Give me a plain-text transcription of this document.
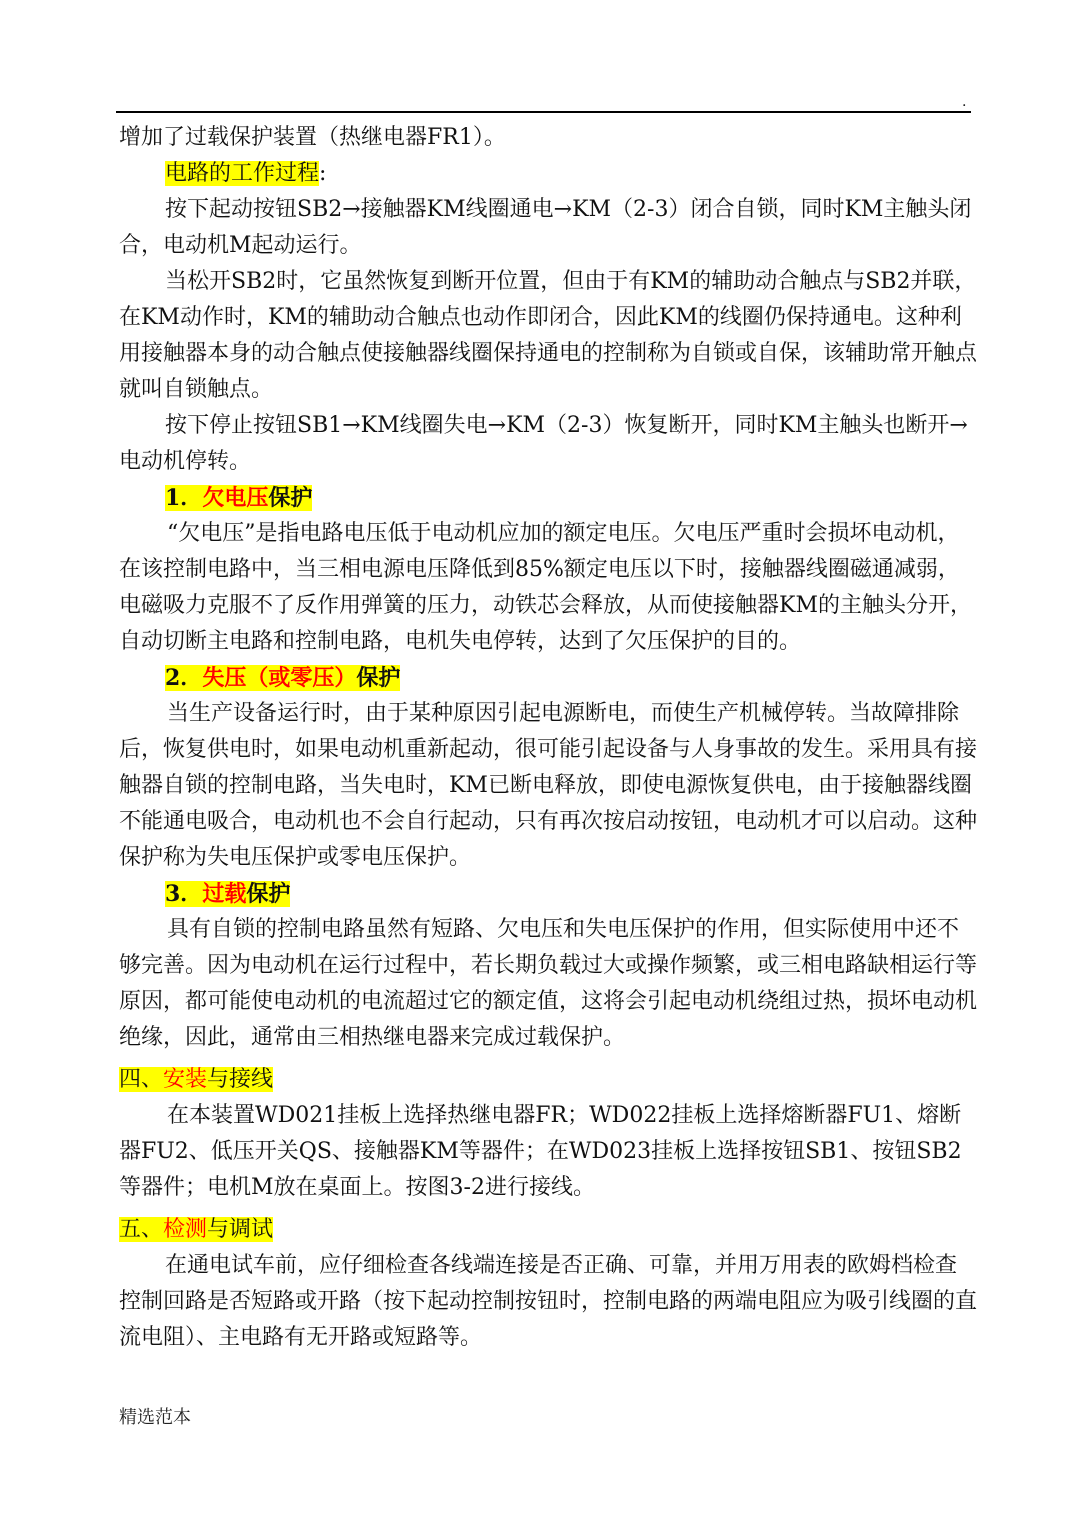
.

增加了过载保护装置（热继电器FR1）。

电路的工作过程:

按下起动按钮SB2→接触器KM线圈通电→KM（2-3）闭合自锁，同时KM主触头闭合，电动机M起动运行。

当松开SB2时，它虽然恢复到断开位置，但由于有KM的辅助动合触点与SB2并联，在KM动作时，KM的辅助动合触点也动作即闭合，因此KM的线圈仍保持通电。这种利用接触器本身的动合触点使接触器线圈保持通电的控制称为自锁或自保，该辅助常开触点就叫自锁触点。

按下停止按钮SB1→KM线圈失电→KM（2-3）恢复断开，同时KM主触头也断开→电动机停转。

1．欠电压保护

“欠电压”是指电路电压低于电动机应加的额定电压。欠电压严重时会损坏电动机，在该控制电路中，当三相电源电压降低到85%额定电压以下时，接触器线圈磁通减弱，电磁吸力克服不了反作用弹簧的压力，动铁芯会释放，从而使接触器KM的主触头分开，自动切断主电路和控制电路，电机失电停转，达到了欠压保护的目的。

2．失压（或零压）保护

当生产设备运行时，由于某种原因引起电源断电，而使生产机械停转。当故障排除后，恢复供电时，如果电动机重新起动，很可能引起设备与人身事故的发生。采用具有接触器自锁的控制电路，当失电时，KM已断电释放，即使电源恢复供电，由于接触器线圈不能通电吸合，电动机也不会自行起动，只有再次按启动按钮，电动机才可以启动。这种保护称为失电压保护或零电压保护。

3．过载保护

具有自锁的控制电路虽然有短路、欠电压和失电压保护的作用，但实际使用中还不够完善。因为电动机在运行过程中，若长期负载过大或操作频繁，或三相电路缺相运行等原因，都可能使电动机的电流超过它的额定值，这将会引起电动机绕组过热，损坏电动机绝缘，因此，通常由三相热继电器来完成过载保护。

四、安装与接线

在本装置WD021挂板上选择热继电器FR；WD022挂板上选择熔断器FU1、熔断器FU2、低压开关QS、接触器KM等器件；在WD023挂板上选择按钮SB1、按钮SB2等器件；电机M放在桌面上。按图3-2进行接线。

五、检测与调试

在通电试车前，应仔细检查各线端连接是否正确、可靠，并用万用表的欧姆档检查控制回路是否短路或开路（按下起动控制按钮时，控制电路的两端电阻应为吸引线圈的直流电阻）、主电路有无开路或短路等。

精选范本
